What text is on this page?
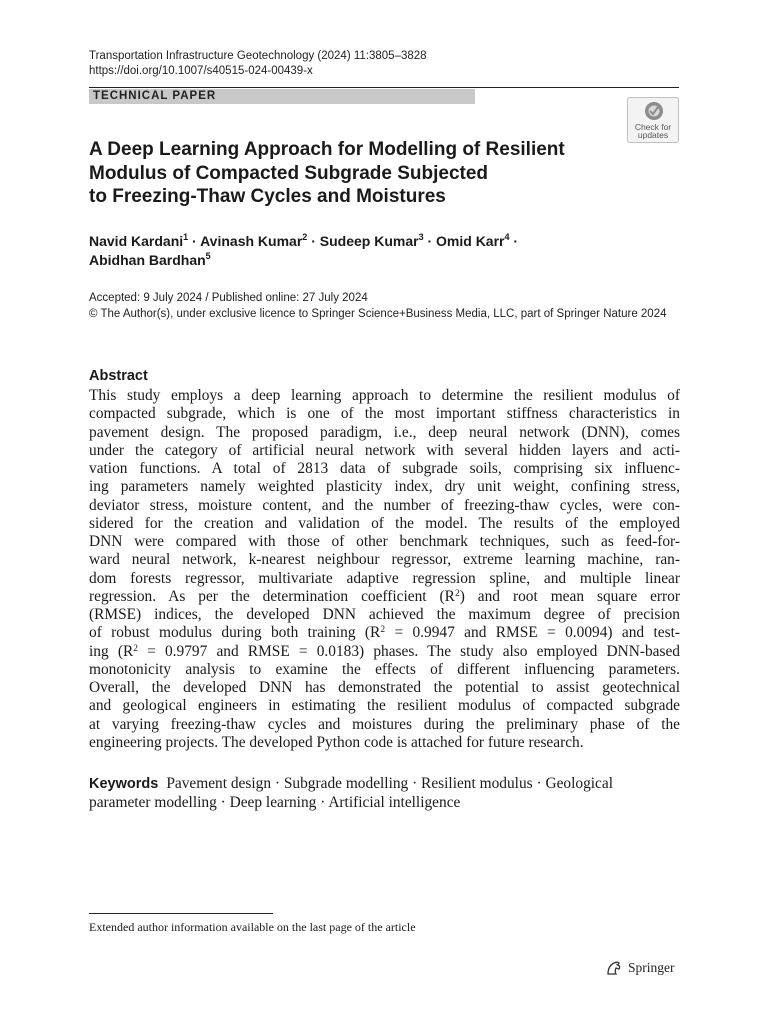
Transportation Infrastructure Geotechnology (2024) 11:3805–3828
https://doi.org/10.1007/s40515-024-00439-x
TECHNICAL PAPER
Check for
updates
A Deep Learning Approach for Modelling of Resilient
Modulus of Compacted Subgrade Subjected
to Freezing-Thaw Cycles and Moistures
Navid Kardani$^1$ · Avinash Kumar$^2$ · Sudeep Kumar$^3$ · Omid Karr$^4$ ·
Abidhan Bardhan$^5$
Accepted: 9 July 2024 / Published online: 27 July 2024
© The Author(s), under exclusive licence to Springer Science+Business Media, LLC, part of Springer Nature 2024
Abstract
This study employs a deep learning approach to determine the resilient modulus of
compacted subgrade, which is one of the most important stiffness characteristics in
pavement design. The proposed paradigm, i.e., deep neural network (DNN), comes
under the category of artificial neural network with several hidden layers and acti-
vation functions. A total of 2813 data of subgrade soils, comprising six influenc-
ing parameters namely weighted plasticity index, dry unit weight, confining stress,
deviator stress, moisture content, and the number of freezing-thaw cycles, were con-
sidered for the creation and validation of the model. The results of the employed
DNN were compared with those of other benchmark techniques, such as feed-for-
ward neural network, k-nearest neighbour regressor, extreme learning machine, ran-
dom forests regressor, multivariate adaptive regression spline, and multiple linear
regression. As per the determination coefficient $(R^2)$ and root mean square error
(RMSE) indices, the developed DNN achieved the maximum degree of precision
of robust modulus during both training ($R^2 = 0.9947$ and RMSE = 0.0094) and test-
ing ($R^2 = 0.9797$ and RMSE = 0.0183) phases. The study also employed DNN-based
monotonicity analysis to examine the effects of different influencing parameters.
Overall, the developed DNN has demonstrated the potential to assist geotechnical
and geological engineers in estimating the resilient modulus of compacted subgrade
at varying freezing-thaw cycles and moistures during the preliminary phase of the
engineering projects. The developed Python code is attached for future research.
Keywords Pavement design · Subgrade modelling · Resilient modulus · Geological
parameter modelling · Deep learning · Artificial intelligence
Extended author information available on the last page of the article
Springer
